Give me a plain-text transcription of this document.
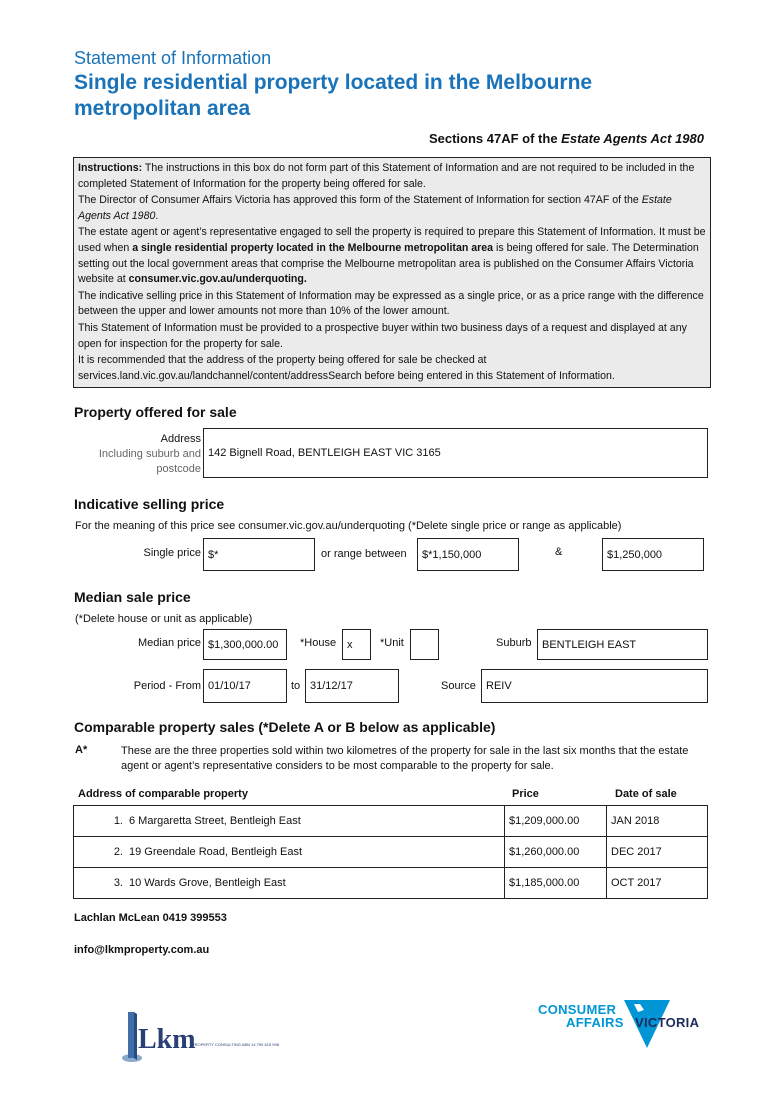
Statement of Information
Single residential property located in the Melbourne metropolitan area
Sections 47AF of the Estate Agents Act 1980

Instructions: The instructions in this box do not form part of this Statement of Information and are not required to be included in the completed Statement of Information for the property being offered for sale.

The Director of Consumer Affairs Victoria has approved this form of the Statement of Information for section 47AF of the Estate Agents Act 1980.

The estate agent or agent’s representative engaged to sell the property is required to prepare this Statement of Information. It must be used when a single residential property located in the Melbourne metropolitan area is being offered for sale. The Determination setting out the local government areas that comprise the Melbourne metropolitan area is published on the Consumer Affairs Victoria website at consumer.vic.gov.au/underquoting.

The indicative selling price in this Statement of Information may be expressed as a single price, or as a price range with the difference between the upper and lower amounts not more than 10% of the lower amount.

This Statement of Information must be provided to a prospective buyer within two business days of a request and displayed at any open for inspection for the property for sale.

It is recommended that the address of the property being offered for sale be checked at services.land.vic.gov.au/landchannel/content/addressSearch before being entered in this Statement of Information.

Property offered for sale
Address
Including suburb and
postcode
142 Bignell Road, BENTLEIGH EAST VIC 3165
Indicative selling price
For the meaning of this price see consumer.vic.gov.au/underquoting (*Delete single price or range as applicable)
Single price $*	or range between	$*1,150,000	&	$1,250,000
Median sale price
(*Delete house or unit as applicable)
Median price $1,300,000.00	*House x	*Unit	Suburb BENTLEIGH EAST
Period - From 01/10/17	to 31/12/17	Source REIV
Comparable property sales (*Delete A or B below as applicable)
A*	These are the three properties sold within two kilometres of the property for sale in the last six months that the estate agent or agent’s representative considers to be most comparable to the property for sale.
Address of comparable property	Price	Date of sale
1. 6 Margaretta Street, Bentleigh East	$1,209,000.00	JAN 2018
2. 19 Greendale Road, Bentleigh East	$1,260,000.00	DEC 2017
3. 10 Wards Grove, Bentleigh East	$1,185,000.00	OCT 2017
Lachlan McLean 0419 399553
info@lkmproperty.com.au
Lkm
PROPERTY CONSULTING ABN 14 790 615 998
CONSUMER
AFFAIRS VICTORIA
